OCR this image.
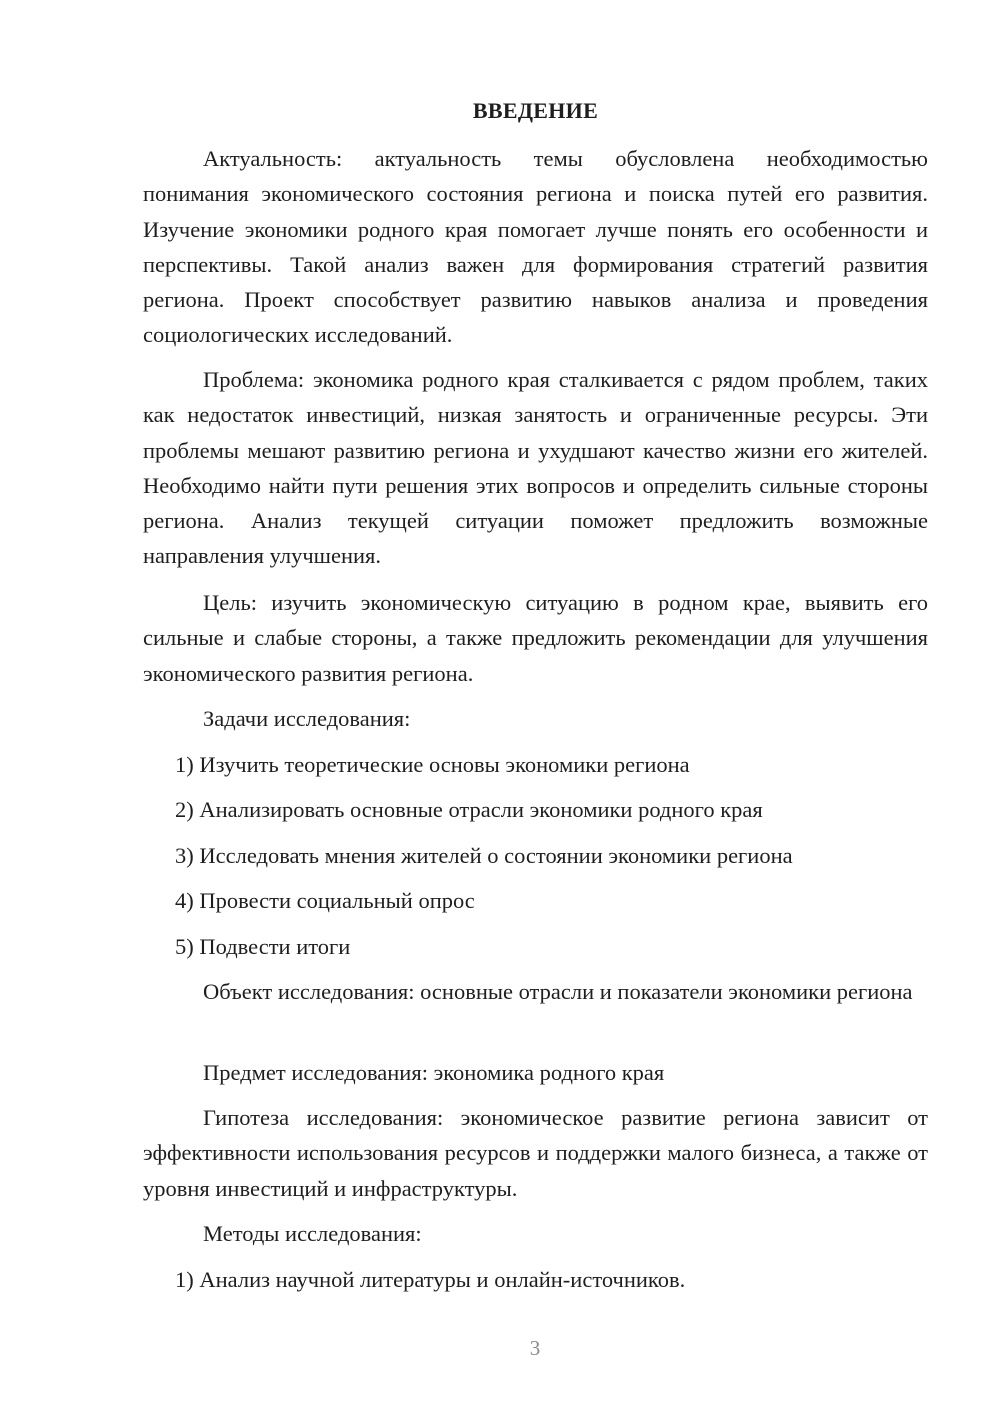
ВВЕДЕНИЕ

Актуальность: актуальность темы обусловлена необходимостью понимания экономического состояния региона и поиска путей его развития. Изучение экономики родного края помогает лучше понять его особенности и перспективы. Такой анализ важен для формирования стратегий развития региона. Проект способствует развитию навыков анализа и проведения социологических исследований.

Проблема: экономика родного края сталкивается с рядом проблем, таких как недостаток инвестиций, низкая занятость и ограниченные ресурсы. Эти проблемы мешают развитию региона и ухудшают качество жизни его жителей. Необходимо найти пути решения этих вопросов и определить сильные стороны региона. Анализ текущей ситуации поможет предложить возможные направления улучшения.

Цель: изучить экономическую ситуацию в родном крае, выявить его сильные и слабые стороны, а также предложить рекомендации для улучшения экономического развития региона.

Задачи исследования:

1) Изучить теоретические основы экономики региона

2) Анализировать основные отрасли экономики родного края

3) Исследовать мнения жителей о состоянии экономики региона

4) Провести социальный опрос

5) Подвести итоги

Объект исследования: основные отрасли и показатели экономики региона

Предмет исследования: экономика родного края

Гипотеза исследования: экономическое развитие региона зависит от эффективности использования ресурсов и поддержки малого бизнеса, а также от уровня инвестиций и инфраструктуры.

Методы исследования:

1) Анализ научной литературы и онлайн-источников.

3
